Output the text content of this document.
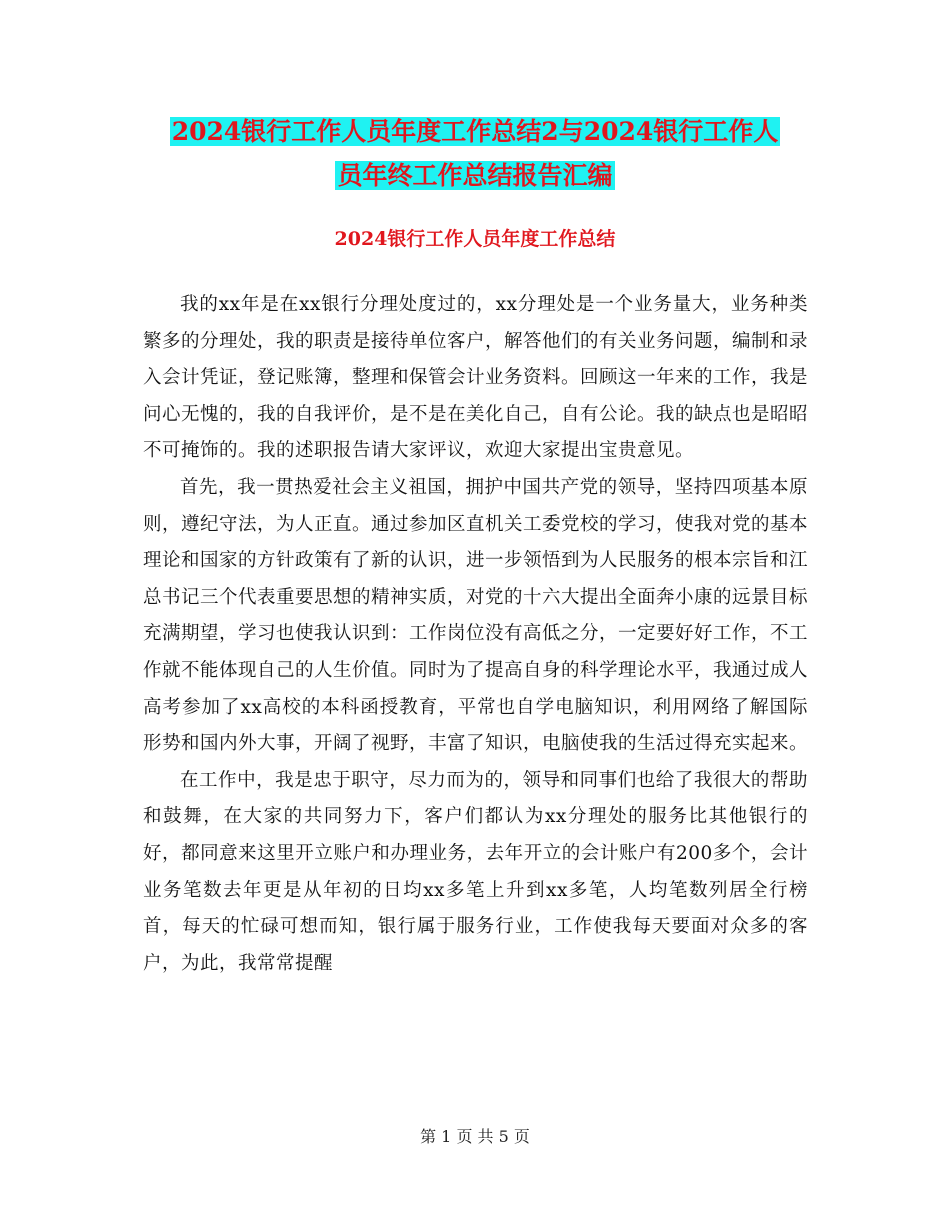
2024银行工作人员年度工作总结2与2024银行工作人
员年终工作总结报告汇编
2024银行工作人员年度工作总结

我的xx年是在xx银行分理处度过的，xx分理处是一个业务量大，业务种类繁多的分理处，我的职责是接待单位客户，解答他们的有关业务问题，编制和录入会计凭证，登记账簿，整理和保管会计业务资料。回顾这一年来的工作，我是问心无愧的，我的自我评价，是不是在美化自己，自有公论。我的缺点也是昭昭不可掩饰的。我的述职报告请大家评议，欢迎大家提出宝贵意见。

首先，我一贯热爱社会主义祖国，拥护中国共产党的领导，坚持四项基本原则，遵纪守法，为人正直。通过参加区直机关工委党校的学习，使我对党的基本理论和国家的方针政策有了新的认识，进一步领悟到为人民服务的根本宗旨和江总书记三个代表重要思想的精神实质，对党的十六大提出全面奔小康的远景目标充满期望，学习也使我认识到：工作岗位没有高低之分，一定要好好工作，不工作就不能体现自己的人生价值。同时为了提高自身的科学理论水平，我通过成人高考参加了xx高校的本科函授教育，平常也自学电脑知识，利用网络了解国际形势和国内外大事，开阔了视野，丰富了知识，电脑使我的生活过得充实起来。

在工作中，我是忠于职守，尽力而为的，领导和同事们也给了我很大的帮助和鼓舞，在大家的共同努力下，客户们都认为xx分理处的服务比其他银行的好，都同意来这里开立账户和办理业务，去年开立的会计账户有200多个，会计业务笔数去年更是从年初的日均xx多笔上升到xx多笔，人均笔数列居全行榜首，每天的忙碌可想而知，银行属于服务行业，工作使我每天要面对众多的客户，为此，我常常提醒

第 1 页 共 5 页
